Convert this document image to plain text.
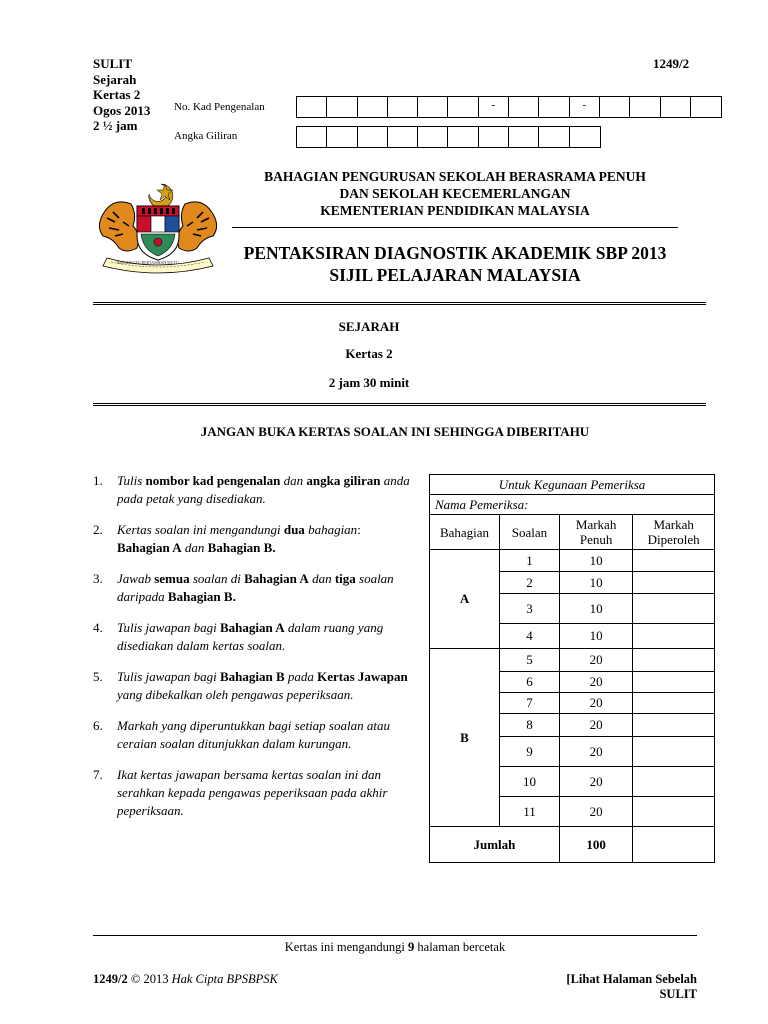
SULIT
Sejarah
Kertas 2
Ogos 2013
2 ½ jam
1249/2
No. Kad Pengenalan	-	-
Angka Giliran
BERSEKUTU BERTAMBAH MUTU
BAHAGIAN PENGURUSAN SEKOLAH BERASRAMA PENUH
DAN SEKOLAH KECEMERLANGAN
KEMENTERIAN PENDIDIKAN MALAYSIA
PENTAKSIRAN DIAGNOSTIK AKADEMIK SBP 2013
SIJIL PELAJARAN MALAYSIA
SEJARAH
Kertas 2
2 jam 30 minit
JANGAN BUKA KERTAS SOALAN INI SEHINGGA DIBERITAHU
1.	Tulis nombor kad pengenalan dan angka giliran anda pada petak yang disediakan.
2.	Kertas soalan ini mengandungi dua bahagian: Bahagian A dan Bahagian B.
3.	Jawab semua soalan di Bahagian A dan tiga soalan daripada Bahagian B.
4.	Tulis jawapan bagi Bahagian A dalam ruang yang disediakan dalam kertas soalan.
5.	Tulis jawapan bagi Bahagian B pada Kertas Jawapan yang dibekalkan oleh pengawas peperiksaan.
6.	Markah yang diperuntukkan bagi setiap soalan atau ceraian soalan ditunjukkan dalam kurungan.
7.	Ikat kertas jawapan bersama kertas soalan ini dan serahkan kepada pengawas peperiksaan pada akhir peperiksaan.
Untuk Kegunaan Pemeriksa			
Nama Pemeriksa:			
Bahagian	Soalan	Markah Penuh	Markah Diperoleh
A	1	10	
	2	10	
	3	10	
	4	10	
B	5	20	
	6	20	
	7	20	
	8	20	
	9	20	
	10	20	
	11	20	
Jumlah		100	
Kertas ini mengandungi 9 halaman bercetak
1249/2 © 2013 Hak Cipta BPSBPSK	[Lihat Halaman Sebelah
SULIT
